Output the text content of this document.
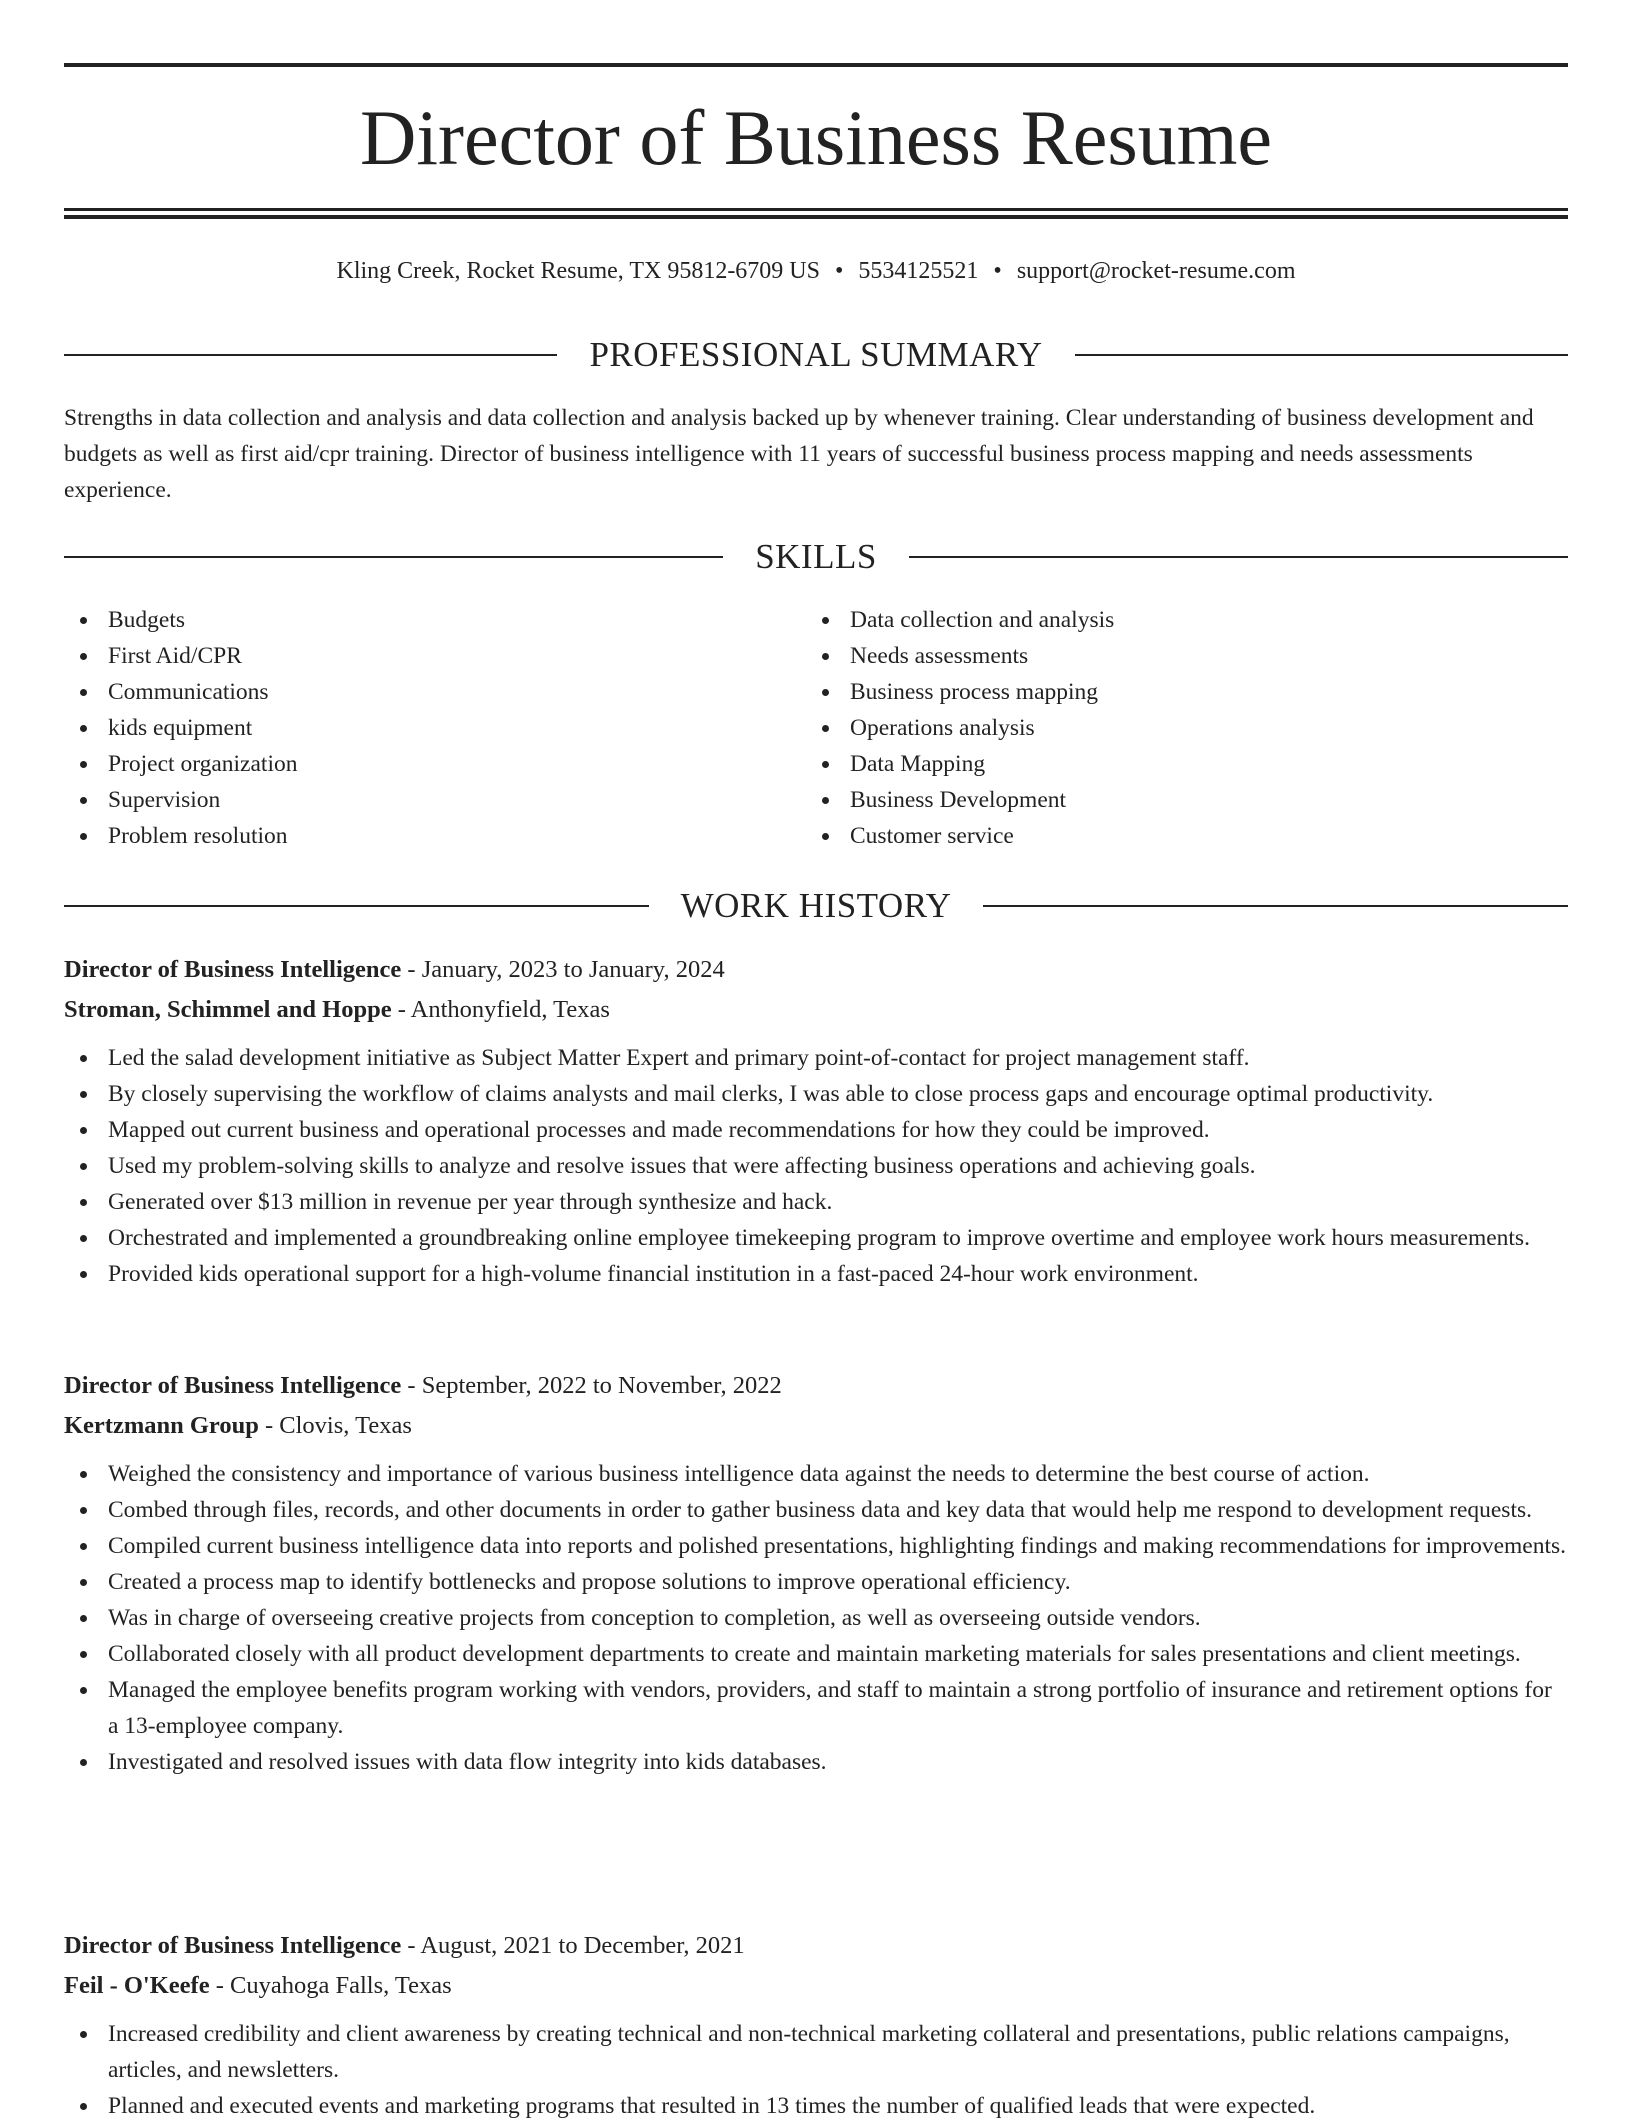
Director of Business Resume
Kling Creek, Rocket Resume, TX 95812-6709 US • 5534125521 • support@rocket-resume.com
PROFESSIONAL SUMMARY

Strengths in data collection and analysis and data collection and analysis backed up by whenever training. Clear understanding of business development and budgets as well as first aid/cpr training. Director of business intelligence with 11 years of successful business process mapping and needs assessments experience.

SKILLS
Budgets
First Aid/CPR
Communications
kids equipment
Project organization
Supervision
Problem resolution
Data collection and analysis
Needs assessments
Business process mapping
Operations analysis
Data Mapping
Business Development
Customer service
WORK HISTORY
Director of Business Intelligence - January, 2023 to January, 2024
Stroman, Schimmel and Hoppe - Anthonyfield, Texas
Led the salad development initiative as Subject Matter Expert and primary point-of-contact for project management staff.
By closely supervising the workflow of claims analysts and mail clerks, I was able to close process gaps and encourage optimal productivity.
Mapped out current business and operational processes and made recommendations for how they could be improved.
Used my problem-solving skills to analyze and resolve issues that were affecting business operations and achieving goals.
Generated over $13 million in revenue per year through synthesize and hack.
Orchestrated and implemented a groundbreaking online employee timekeeping program to improve overtime and employee work hours measurements.
Provided kids operational support for a high-volume financial institution in a fast-paced 24-hour work environment.
Director of Business Intelligence - September, 2022 to November, 2022
Kertzmann Group - Clovis, Texas
Weighed the consistency and importance of various business intelligence data against the needs to determine the best course of action.
Combed through files, records, and other documents in order to gather business data and key data that would help me respond to development requests.
Compiled current business intelligence data into reports and polished presentations, highlighting findings and making recommendations for improvements.
Created a process map to identify bottlenecks and propose solutions to improve operational efficiency.
Was in charge of overseeing creative projects from conception to completion, as well as overseeing outside vendors.
Collaborated closely with all product development departments to create and maintain marketing materials for sales presentations and client meetings.
Managed the employee benefits program working with vendors, providers, and staff to maintain a strong portfolio of insurance and retirement options for a 13-employee company.
Investigated and resolved issues with data flow integrity into kids databases.
Director of Business Intelligence - August, 2021 to December, 2021
Feil - O'Keefe - Cuyahoga Falls, Texas
Increased credibility and client awareness by creating technical and non-technical marketing collateral and presentations, public relations campaigns, articles, and newsletters.
Planned and executed events and marketing programs that resulted in 13 times the number of qualified leads that were expected.
